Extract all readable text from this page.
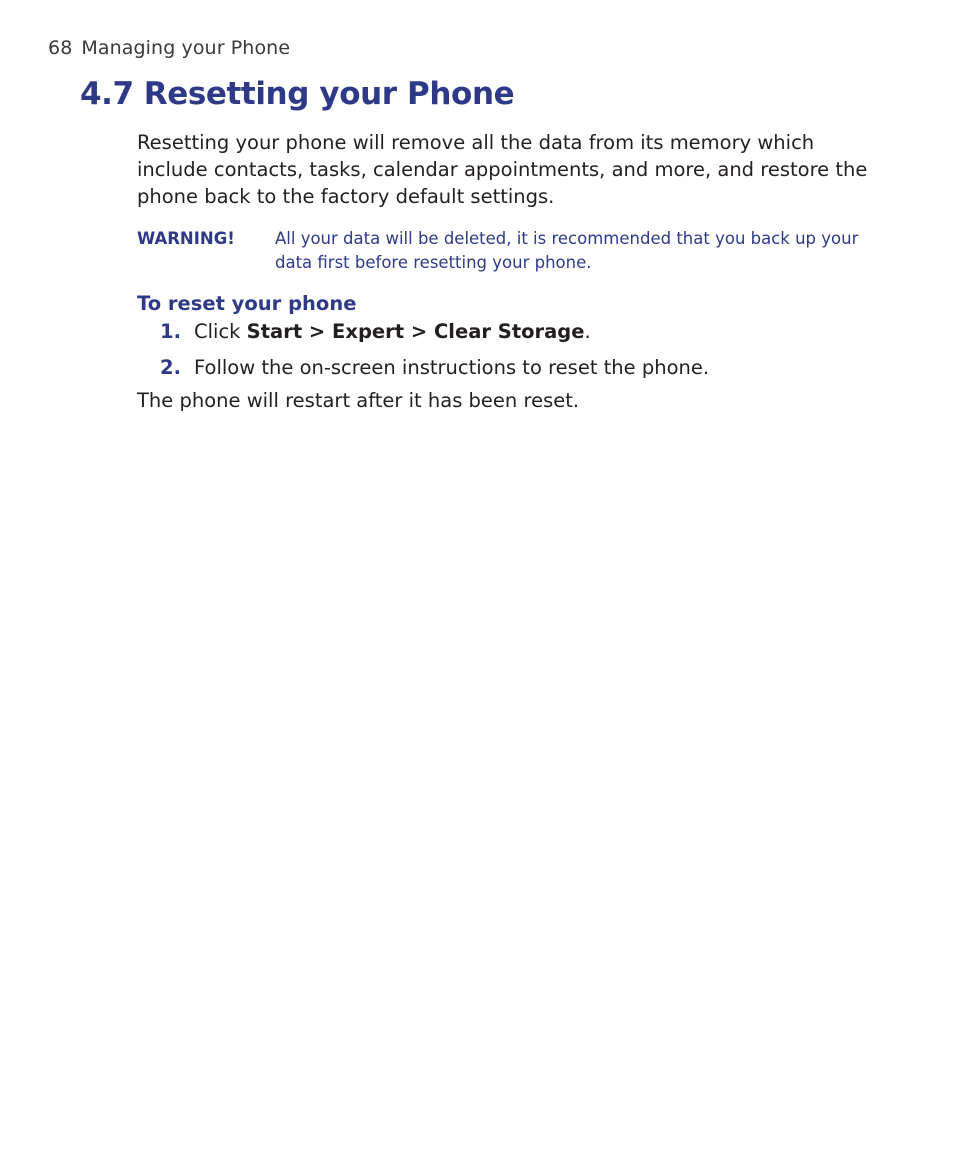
68 Managing your Phone
4.7 Resetting your Phone

Resetting your phone will remove all the data from its memory which
include contacts, tasks, calendar appointments, and more, and restore the
phone back to the factory default settings.

WARNING! All your data will be deleted, it is recommended that you back up your
data first before resetting your phone.
To reset your phone
1. Click Start > Expert > Clear Storage.
2. Follow the on-screen instructions to reset the phone.

The phone will restart after it has been reset.
